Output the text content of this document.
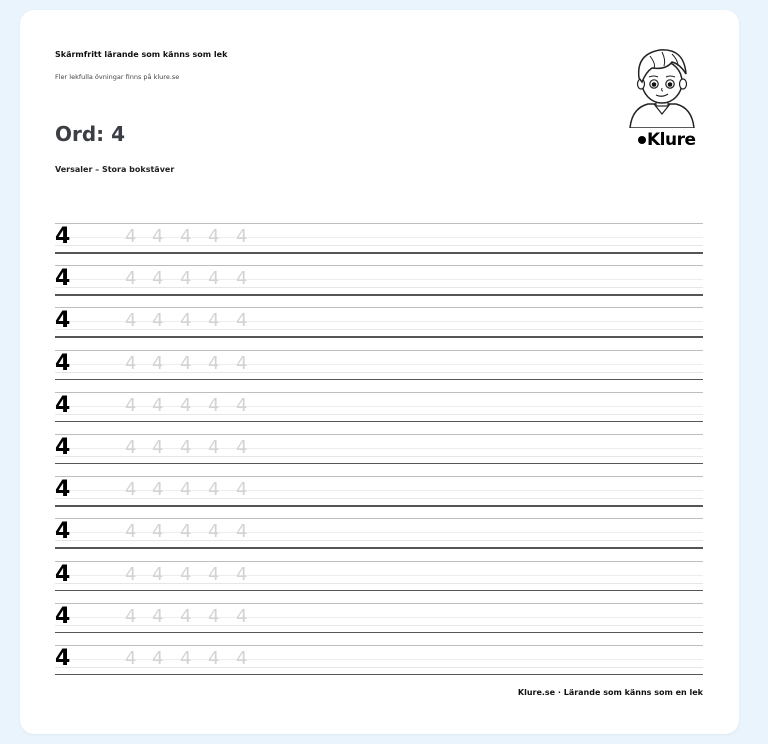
Skärmfritt lärande som känns som lek
Fler lekfulla övningar finns på klure.se
Ord: 4
Versaler – Stora bokstäver
Klure
4	4 4 4 4 4
4	4 4 4 4 4
4	4 4 4 4 4
4	4 4 4 4 4
4	4 4 4 4 4
4	4 4 4 4 4
4	4 4 4 4 4
4	4 4 4 4 4
4	4 4 4 4 4
4	4 4 4 4 4
4	4 4 4 4 4
Klure.se · Lärande som känns som en lek
